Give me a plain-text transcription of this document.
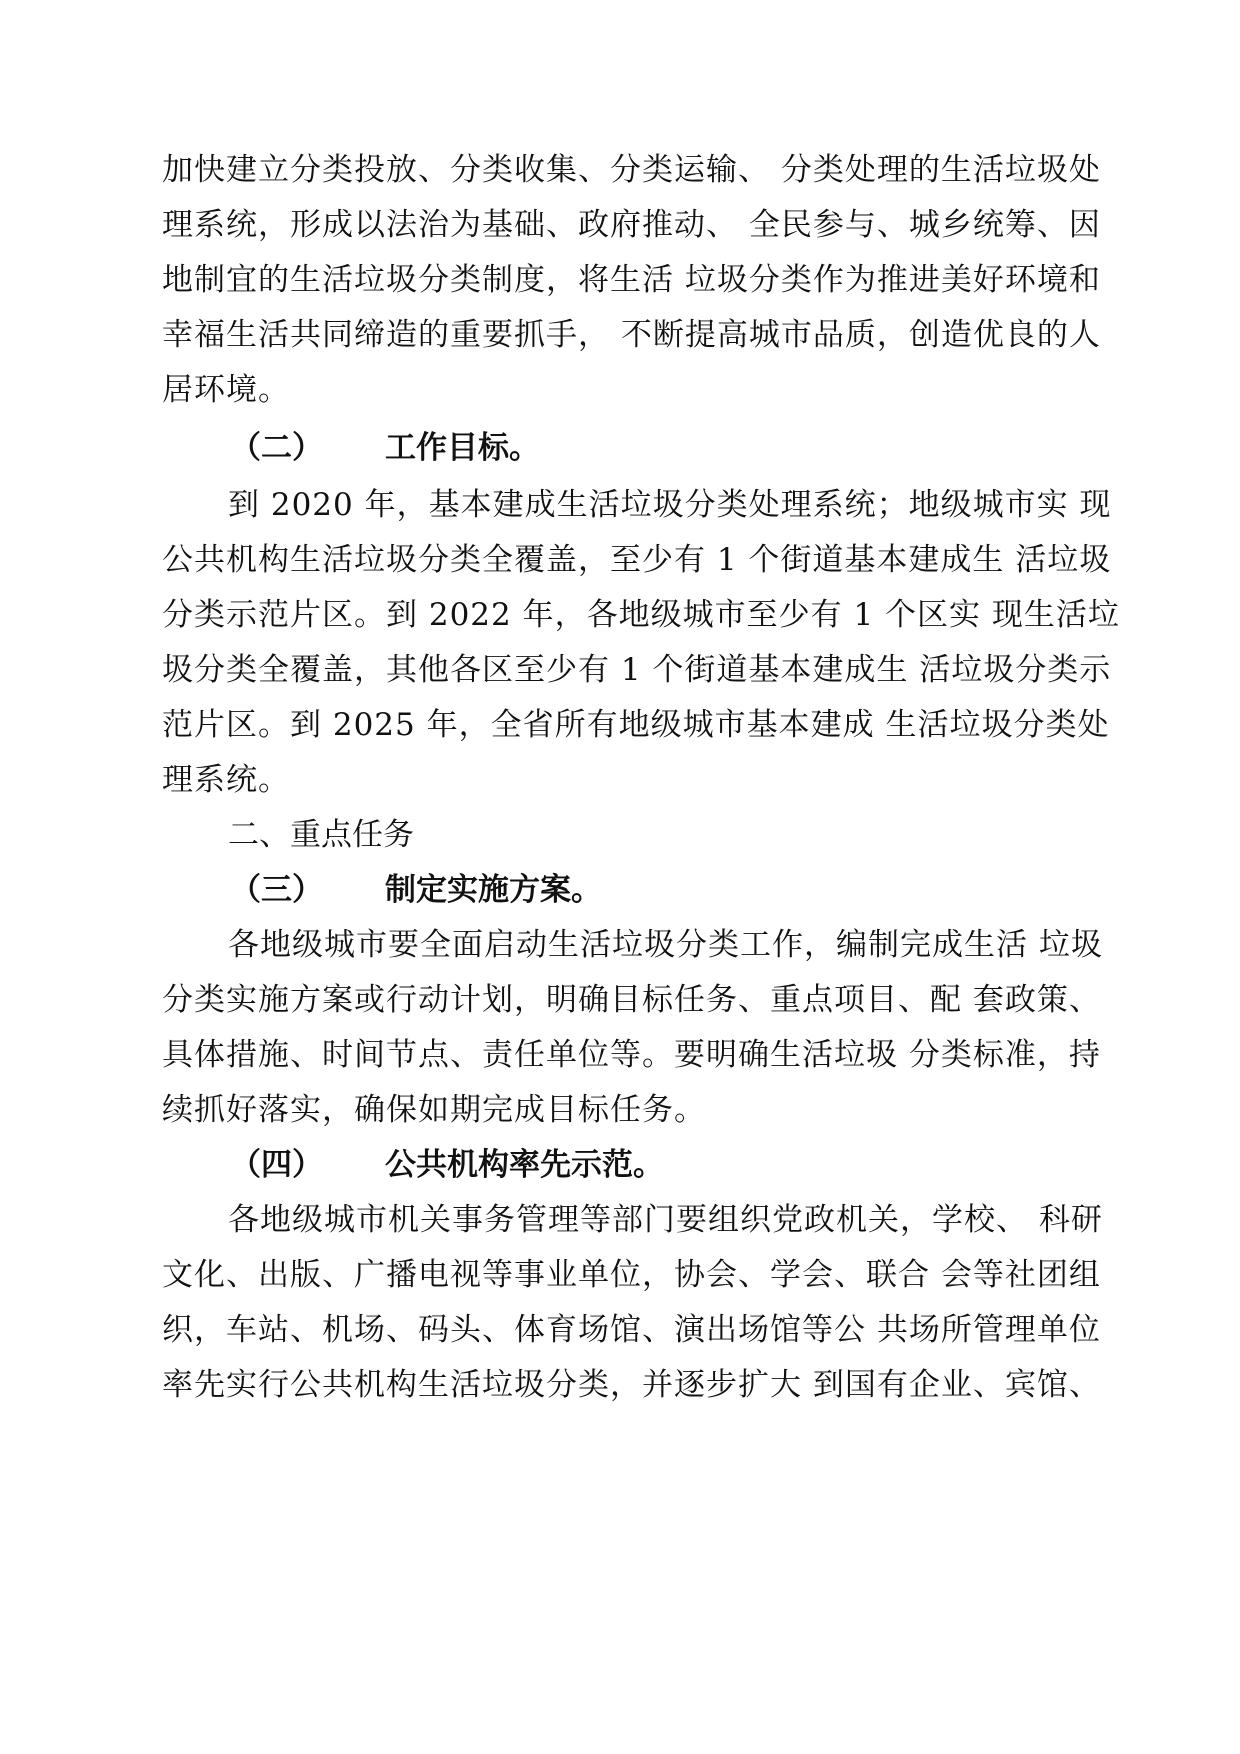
加快建立分类投放、分类收集、分类运输、 分类处理的生活垃圾处
理系统，形成以法治为基础、政府推动、 全民参与、城乡统筹、因
地制宜的生活垃圾分类制度，将生活 垃圾分类作为推进美好环境和
幸福生活共同缔造的重要抓手， 不断提高城市品质，创造优良的人
居环境。
（二） 工作目标。
到 2020 年，基本建成生活垃圾分类处理系统；地级城市实 现
公共机构生活垃圾分类全覆盖，至少有 1 个街道基本建成生 活垃圾
分类示范片区。到 2022 年，各地级城市至少有 1 个区实 现生活垃
圾分类全覆盖，其他各区至少有 1 个街道基本建成生 活垃圾分类示
范片区。到 2025 年，全省所有地级城市基本建成 生活垃圾分类处
理系统。
二、重点任务
（三） 制定实施方案。
各地级城市要全面启动生活垃圾分类工作，编制完成生活 垃圾
分类实施方案或行动计划，明确目标任务、重点项目、配 套政策、
具体措施、时间节点、责任单位等。要明确生活垃圾 分类标准，持
续抓好落实，确保如期完成目标任务。
（四） 公共机构率先示范。
各地级城市机关事务管理等部门要组织党政机关，学校、 科研
文化、出版、广播电视等事业单位，协会、学会、联合 会等社团组
织，车站、机场、码头、体育场馆、演出场馆等公 共场所管理单位
率先实行公共机构生活垃圾分类，并逐步扩大 到国有企业、宾馆、
